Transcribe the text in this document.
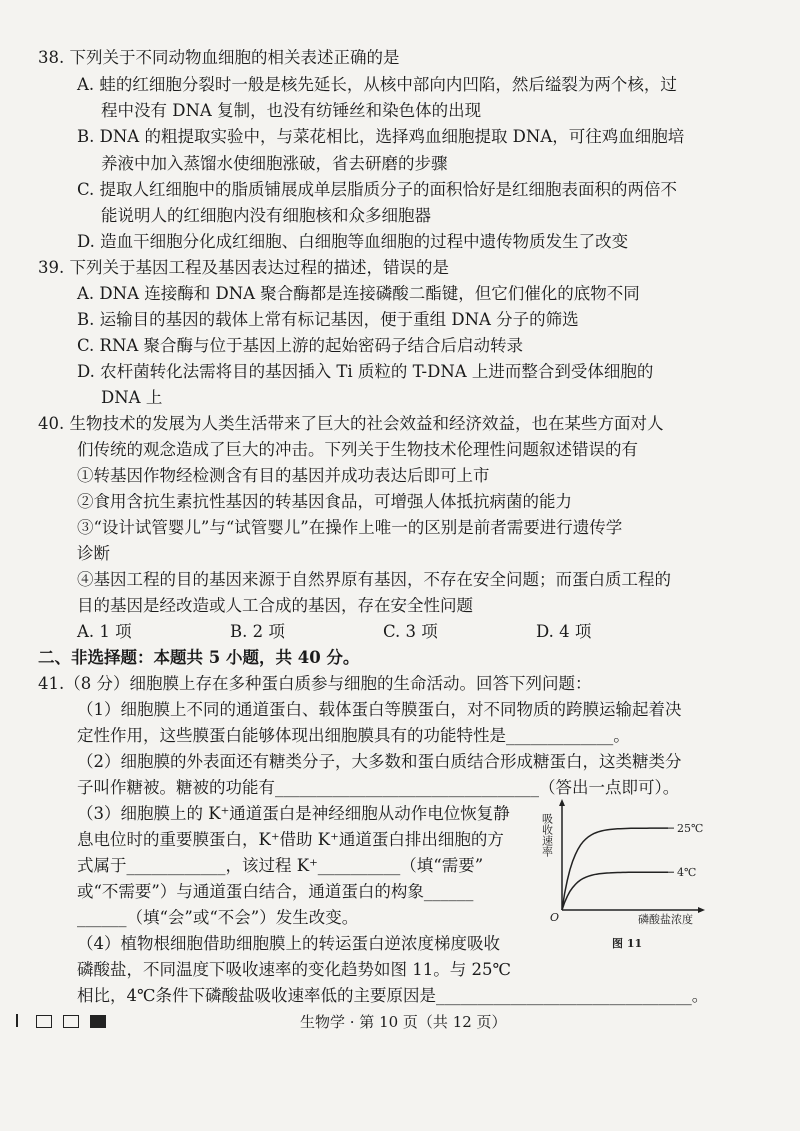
38. 下列关于不同动物血细胞的相关表述正确的是
A. 蛙的红细胞分裂时一般是核先延长，从核中部向内凹陷，然后缢裂为两个核，过
程中没有 DNA 复制，也没有纺锤丝和染色体的出现
B. DNA 的粗提取实验中，与菜花相比，选择鸡血细胞提取 DNA，可往鸡血细胞培
养液中加入蒸馏水使细胞涨破，省去研磨的步骤
C. 提取人红细胞中的脂质铺展成单层脂质分子的面积恰好是红细胞表面积的两倍不
能说明人的红细胞内没有细胞核和众多细胞器
D. 造血干细胞分化成红细胞、白细胞等血细胞的过程中遗传物质发生了改变
39. 下列关于基因工程及基因表达过程的描述，错误的是
A. DNA 连接酶和 DNA 聚合酶都是连接磷酸二酯键，但它们催化的底物不同
B. 运输目的基因的载体上常有标记基因，便于重组 DNA 分子的筛选
C. RNA 聚合酶与位于基因上游的起始密码子结合后启动转录
D. 农杆菌转化法需将目的基因插入 Ti 质粒的 T-DNA 上进而整合到受体细胞的
DNA 上
40. 生物技术的发展为人类生活带来了巨大的社会效益和经济效益，也在某些方面对人
们传统的观念造成了巨大的冲击。下列关于生物技术伦理性问题叙述错误的有
①转基因作物经检测含有目的基因并成功表达后即可上市
②食用含抗生素抗性基因的转基因食品，可增强人体抵抗病菌的能力
③“设计试管婴儿”与“试管婴儿”在操作上唯一的区别是前者需要进行遗传学
诊断
④基因工程的目的基因来源于自然界原有基因，不存在安全问题；而蛋白质工程的
目的基因是经改造或人工合成的基因，存在安全性问题
A. 1 项	B. 2 项	C. 3 项	D. 4 项
二、非选择题：本题共 5 小题，共 40 分。
41.（8 分）细胞膜上存在多种蛋白质参与细胞的生命活动。回答下列问题：
（1）细胞膜上不同的通道蛋白、载体蛋白等膜蛋白，对不同物质的跨膜运输起着决
定性作用，这些膜蛋白能够体现出细胞膜具有的功能特性是_____________。
（2）细胞膜的外表面还有糖类分子，大多数和蛋白质结合形成糖蛋白，这类糖类分
子叫作糖被。糖被的功能有________________________________（答出一点即可）。
（3）细胞膜上的 K⁺通道蛋白是神经细胞从动作电位恢复静
息电位时的重要膜蛋白，K⁺借助 K⁺通道蛋白排出细胞的方
式属于____________，该过程 K⁺__________（填“需要”
或“不需要”）与通道蛋白结合，通道蛋白的构象______
______（填“会”或“不会”）发生改变。
（4）植物根细胞借助细胞膜上的转运蛋白逆浓度梯度吸收
磷酸盐，不同温度下吸收速率的变化趋势如图 11。与 25℃
相比，4℃条件下磷酸盐吸收速率低的主要原因是_______________________________。
吸收速率
O	磷酸盐浓度
25℃
4℃
图 11
生物学 · 第 10 页（共 12 页）
